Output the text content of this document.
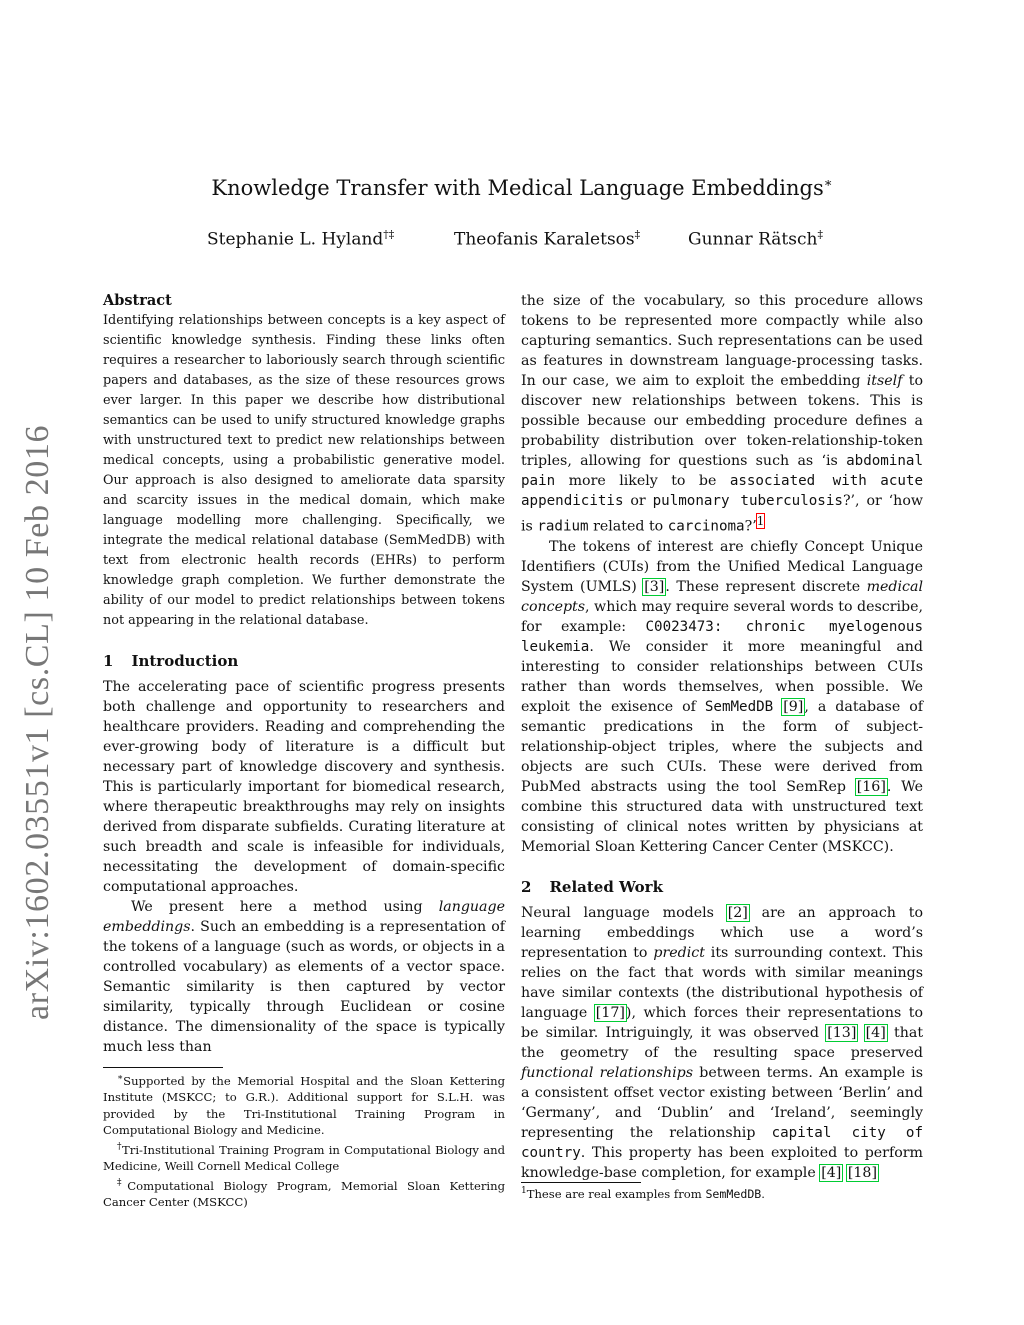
arXiv:1602.03551v1 [cs.CL] 10 Feb 2016
Knowledge Transfer with Medical Language Embeddings∗
Stephanie L. Hyland†‡	Theofanis Karaletsos‡	Gunnar Rätsch‡

Abstract

Identifying relationships between concepts is a key aspect of scientific knowledge synthesis. Finding these links often requires a researcher to laboriously search through scientific papers and databases, as the size of these resources grows ever larger. In this paper we describe how distributional semantics can be used to unify structured knowledge graphs with unstructured text to predict new relationships between medical concepts, using a probabilistic generative model. Our approach is also designed to ameliorate data sparsity and scarcity issues in the medical domain, which make language modelling more challenging. Specifically, we integrate the medical relational database (SemMedDB) with text from electronic health records (EHRs) to perform knowledge graph completion. We further demonstrate the ability of our model to predict relationships between tokens not appearing in the relational database.

1 Introduction

The accelerating pace of scientific progress presents both challenge and opportunity to researchers and healthcare providers. Reading and comprehending the ever-growing body of literature is a difficult but necessary part of knowledge discovery and synthesis. This is particularly important for biomedical research, where therapeutic breakthroughs may rely on insights derived from disparate subfields. Curating literature at such breadth and scale is infeasible for individuals, necessitating the development of domain-specific computational approaches.

We present here a method using language embeddings. Such an embedding is a representation of the tokens of a language (such as words, or objects in a controlled vocabulary) as elements of a vector space. Semantic similarity is then captured by vector similarity, typically through Euclidean or cosine distance. The dimensionality of the space is typically much less than

∗Supported by the Memorial Hospital and the Sloan Kettering Institute (MSKCC; to G.R.). Additional support for S.L.H. was provided by the Tri-Institutional Training Program in Computational Biology and Medicine.

†Tri-Institutional Training Program in Computational Biology and Medicine, Weill Cornell Medical College

‡Computational Biology Program, Memorial Sloan Kettering Cancer Center (MSKCC)

the size of the vocabulary, so this procedure allows tokens to be represented more compactly while also capturing semantics. Such representations can be used as features in downstream language-processing tasks. In our case, we aim to exploit the embedding itself to discover new relationships between tokens. This is possible because our embedding procedure defines a probability distribution over token-relationship-token triples, allowing for questions such as ‘is abdominal pain more likely to be associated with acute appendicitis or pulmonary tuberculosis?’, or ‘how is radium related to carcinoma?’$^1$

The tokens of interest are chiefly Concept Unique Identifiers (CUIs) from the Unified Medical Language System (UMLS) [3]. These represent discrete medical concepts, which may require several words to describe, for example: C0023473: chronic myelogenous leukemia. We consider it more meaningful and interesting to consider relationships between CUIs rather than words themselves, when possible. We exploit the exisence of SemMedDB [9], a database of semantic predications in the form of subject-relationship-object triples, where the subjects and objects are such CUIs. These were derived from PubMed abstracts using the tool SemRep [16]. We combine this structured data with unstructured text consisting of clinical notes written by physicians at Memorial Sloan Kettering Cancer Center (MSKCC).

2 Related Work

Neural language models [2] are an approach to learning embeddings which use a word’s representation to predict its surrounding context. This relies on the fact that words with similar meanings have similar contexts (the distributional hypothesis of language [17]), which forces their representations to be similar. Intriguingly, it was observed [13] [4] that the geometry of the resulting space preserved functional relationships between terms. An example is a consistent offset vector existing between ‘Berlin’ and ‘Germany’, and ‘Dublin’ and ‘Ireland’, seemingly representing the relationship capital city of country. This property has been exploited to perform knowledge-base completion, for example [4] [18]

$^1$These are real examples from SemMedDB.
